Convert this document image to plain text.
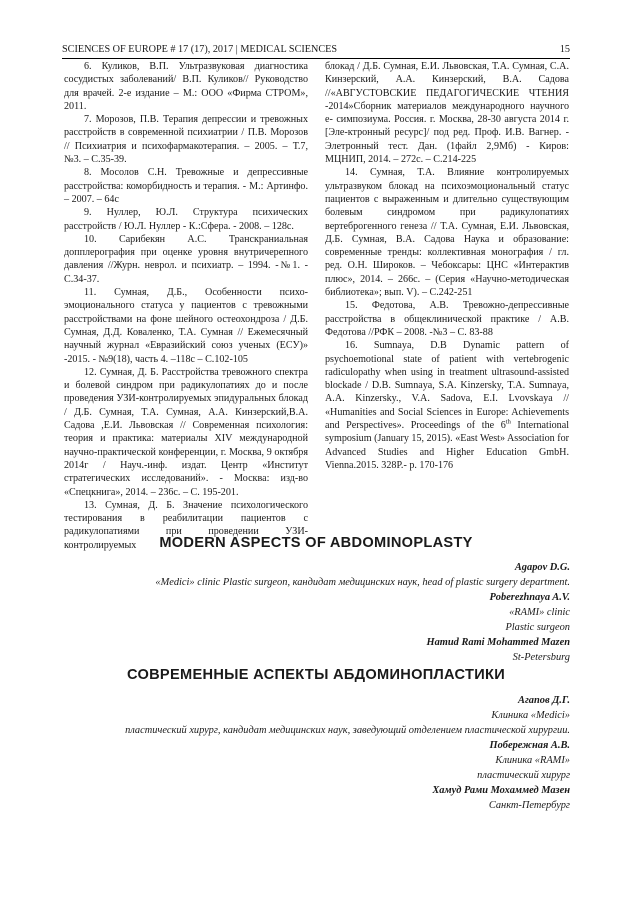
SCIENCES OF EUROPE # 17 (17), 2017 | MEDICAL SCIENCES	15

6. Куликов, В.П. Ультразвуковая диагностика сосудистых заболеваний/ В.П. Куликов// Руководство для врачей. 2-е издание – М.: ООО «Фирма СТРОМ», 2011.

7. Морозов, П.В. Терапия депрессии и тревожных расстройств в современной психиатрии / П.В. Морозов // Психиатрия и психофармакотерапия. – 2005. – Т.7, №3. – С.35-39.

8. Мосолов С.Н. Тревожные и депрессивные расстройства: коморбидность и терапия. - М.: Артинфо. – 2007. – 64с

9. Нуллер, Ю.Л. Структура психических расстройств / Ю.Л. Нуллер - К.:Сфера. - 2008. – 128с.

10. Сарибекян А.С. Транскраниальная допплерография при оценке уровня внутричерепного давления //Журн. неврол. и психиатр. – 1994. -№1. - С.34-37.

11. Сумная, Д.Б., Особенности психо-эмоционального статуса у пациентов с тревожными расстройствами на фоне шейного остеохондроза / Д.Б. Сумная, Д.Д. Коваленко, Т.А. Сумная // Ежемесячный научный журнал «Евразийский союз ученых (ЕСУ)» -2015. - №9(18), часть 4. –118с – С.102-105

12. Сумная, Д. Б. Расстройства тревожного спектра и болевой синдром при радикулопатиях до и после проведения УЗИ-контролируемых эпидуральных блокад / Д.Б. Сумная, Т.А. Сумная, А.А. Кинзерский,В.А. Садова ,Е.И. Львовская // Современная психология: теория и практика: материалы XIV международной научно-практической конференции, г. Москва, 9 октября 2014г / Науч.-инф. издат. Центр «Институт стратегических исследований». - Москва: изд-во «Спецкнига», 2014. – 236с. – С. 195-201.

13. Сумная, Д. Б. Значение психологического тестирования в реабилитации пациентов с радикулопатиями при проведении УЗИ-контролируемых

блокад / Д.Б. Сумная, Е.И. Львовская, Т.А. Сумная, С.А. Кинзерский, А.А. Кинзерский, В.А. Садова //«АВГУСТОВСКИЕ ПЕДАГОГИЧЕСКИЕ ЧТЕНИЯ -2014»Сборник материалов международного научного е- симпозиума. Россия. г. Москва, 28-30 августа 2014 г.[Эле-ктронный ресурс]/ под ред. Проф. И.В. Вагнер. - Элетронный тест. Дан. (1файл 2,9Мб) - Киров: МЦНИП, 2014. – 272с. – С.214-225

14. Сумная, Т.А. Влияние контролируемых ультразвуком блокад на психоэмоциональный статус пациентов с выраженным и длительно существующим болевым синдромом при радикулопатиях вертеброгенного генеза // Т.А. Сумная, Е.И. Львовская, Д.Б. Сумная, В.А. Садова Наука и образование: современные тренды: коллективная монография / гл. ред. О.Н. Широков. – Чебоксары: ЦНС «Интерактив плюс», 2014. – 266с. – (Серия «Научно-методическая библиотека»; вып. V). – С.242-251

15. Федотова, А.В. Тревожно-депрессивные расстройства в общеклинической практике / А.В. Федотова //РФК – 2008. -№3 – С. 83-88

16. Sumnaya, D.B Dynamic pattern of psychoemotional state of patient with vertebrogenic radiculopathy when using in treatment ultrasound-assisted blockade / D.B. Sumnaya, S.A. Kinzersky, T.A. Sumnaya, A.A. Kinzersky., V.A. Sadova, E.I. Lvovskaya // «Humanities and Social Sciences in Europe: Achievements and Perspectives». Proceedings of the 6th International symposium (January 15, 2015). «East West» Association for Advanced Studies and Higher Education GmbH. Vienna.2015. 328P.- p. 170-176

MODERN ASPECTS OF ABDOMINOPLASTY
Agapov D.G.
«Medici» clinic Plastic surgeon, кандидат медицинских наук, head of plastic surgery department.
Poberezhnaya A.V.
«RAMI» clinic
Plastic surgeon
Hamud Rami Mohammed Mazen
St-Petersburg
СОВРЕМЕННЫЕ АСПЕКТЫ АБДОМИНОПЛАСТИКИ
Агапов Д.Г.
Клиника «Medici»
пластический хирург, кандидат медицинских наук, заведующий отделением пластической хирургии.
Побережная А.В.
Клиника «RAMI»
пластический хирург
Хамуд Рами Мохаммед Мазен
Санкт-Петербург
